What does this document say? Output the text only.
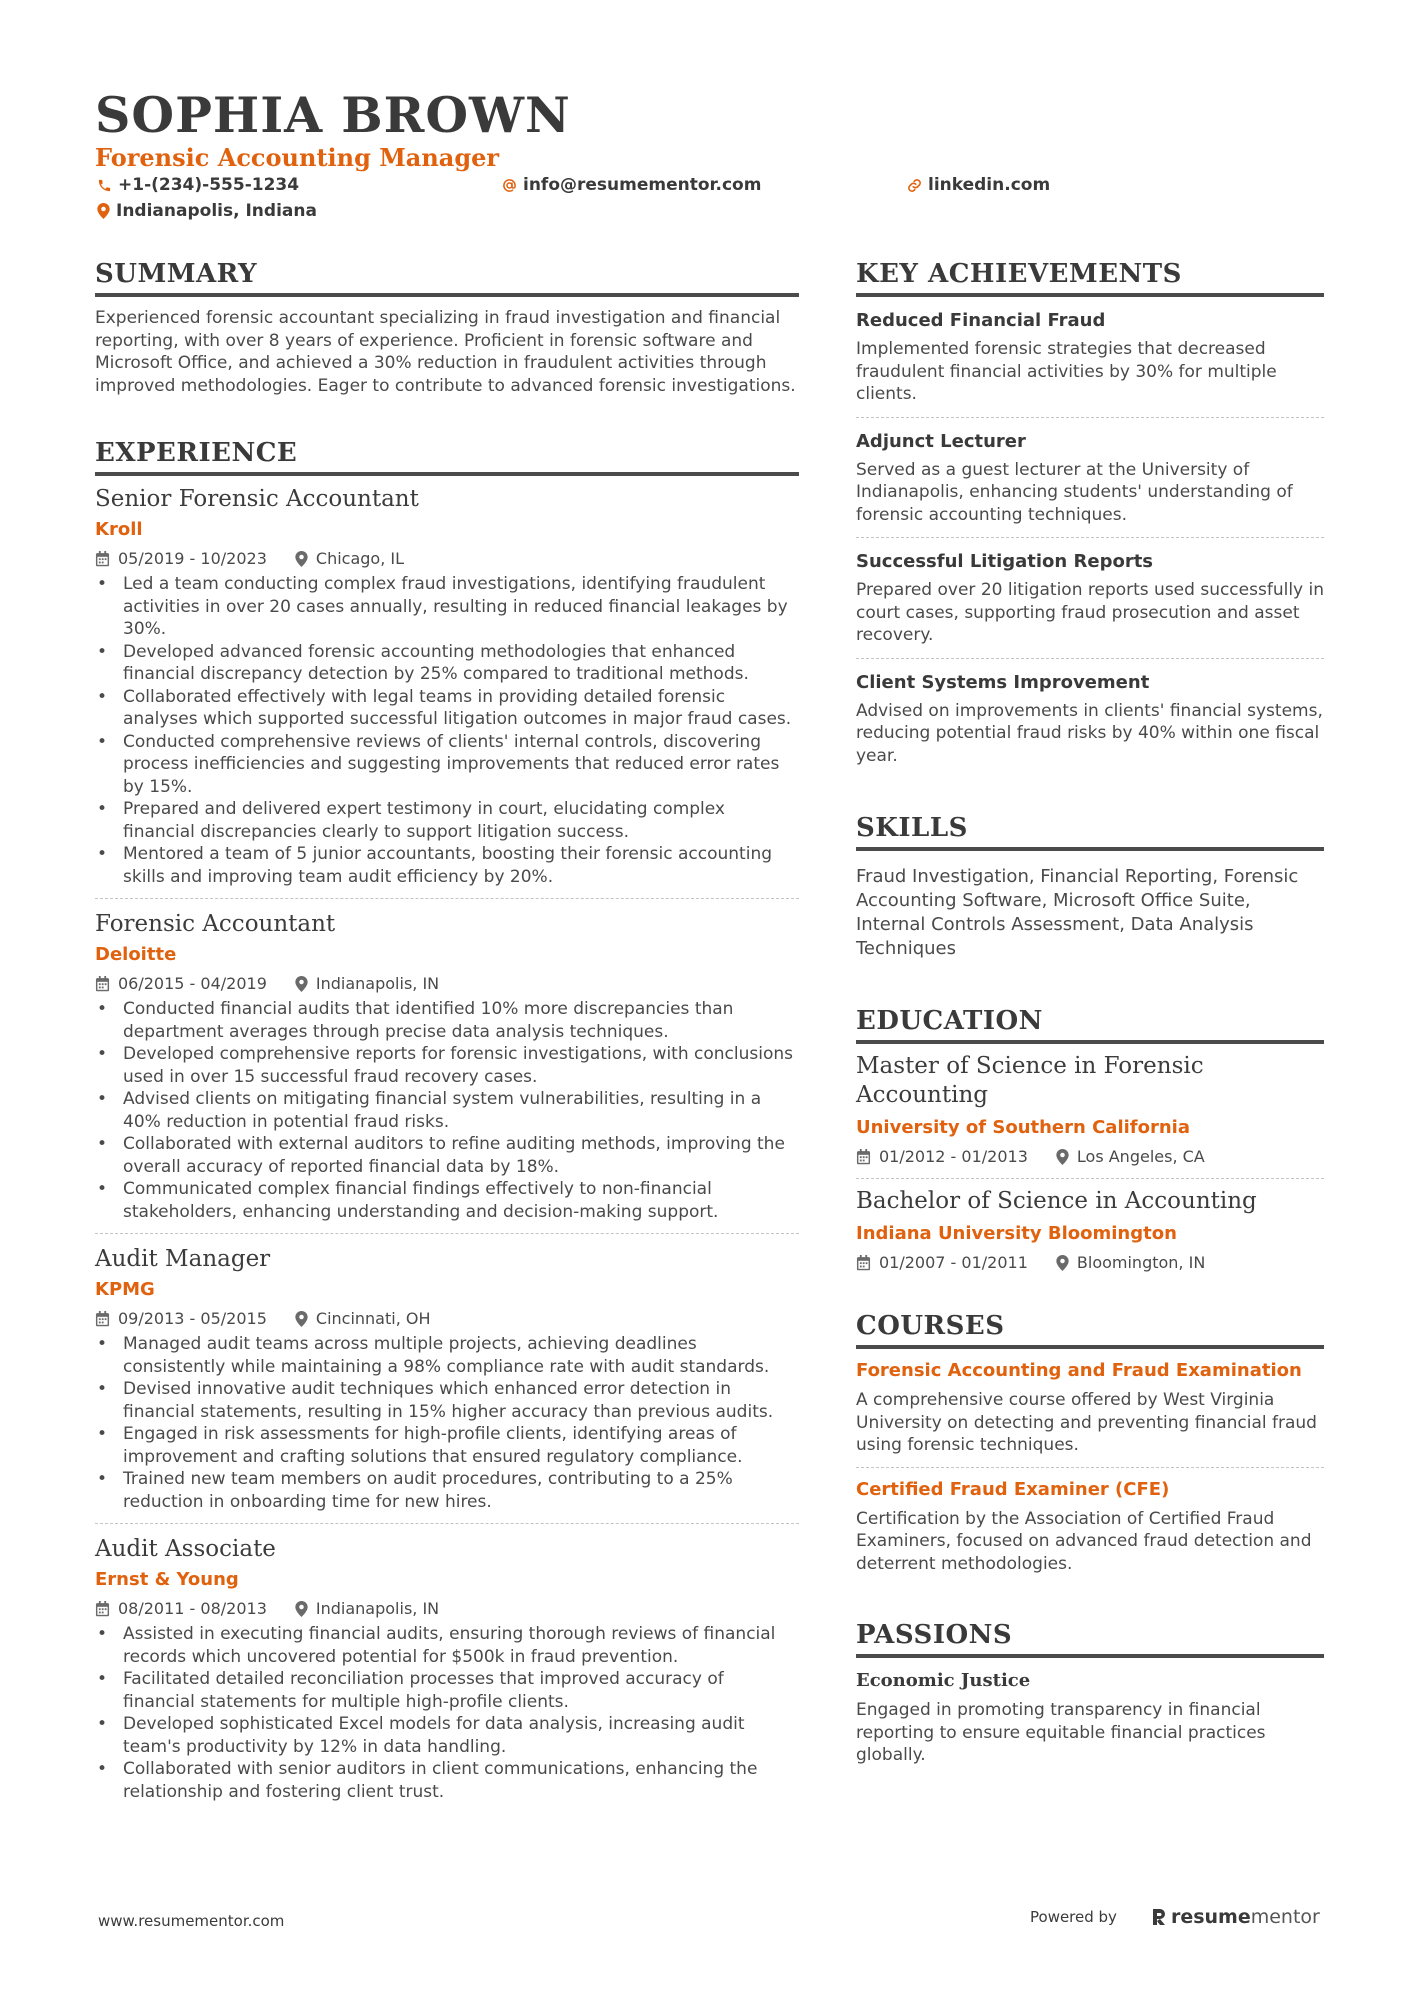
SOPHIA BROWN
Forensic Accounting Manager
+1-(234)-555-1234	info@resumementor.com	linkedin.com
Indianapolis, Indiana
SUMMARY
Experienced forensic accountant specializing in fraud investigation and financial reporting, with over 8 years of experience. Proficient in forensic software and Microsoft Office, and achieved a 30% reduction in fraudulent activities through improved methodologies. Eager to contribute to advanced forensic investigations.
EXPERIENCE
Senior Forensic Accountant
Kroll
05/2019 - 10/2023	Chicago, IL
• Led a team conducting complex fraud investigations, identifying fraudulent activities in over 20 cases annually, resulting in reduced financial leakages by 30%.
• Developed advanced forensic accounting methodologies that enhanced financial discrepancy detection by 25% compared to traditional methods.
• Collaborated effectively with legal teams in providing detailed forensic analyses which supported successful litigation outcomes in major fraud cases.
• Conducted comprehensive reviews of clients' internal controls, discovering process inefficiencies and suggesting improvements that reduced error rates by 15%.
• Prepared and delivered expert testimony in court, elucidating complex financial discrepancies clearly to support litigation success.
• Mentored a team of 5 junior accountants, boosting their forensic accounting skills and improving team audit efficiency by 20%.
Forensic Accountant
Deloitte
06/2015 - 04/2019	Indianapolis, IN
• Conducted financial audits that identified 10% more discrepancies than department averages through precise data analysis techniques.
• Developed comprehensive reports for forensic investigations, with conclusions used in over 15 successful fraud recovery cases.
• Advised clients on mitigating financial system vulnerabilities, resulting in a 40% reduction in potential fraud risks.
• Collaborated with external auditors to refine auditing methods, improving the overall accuracy of reported financial data by 18%.
• Communicated complex financial findings effectively to non-financial stakeholders, enhancing understanding and decision-making support.
Audit Manager
KPMG
09/2013 - 05/2015	Cincinnati, OH
• Managed audit teams across multiple projects, achieving deadlines consistently while maintaining a 98% compliance rate with audit standards.
• Devised innovative audit techniques which enhanced error detection in financial statements, resulting in 15% higher accuracy than previous audits.
• Engaged in risk assessments for high-profile clients, identifying areas of improvement and crafting solutions that ensured regulatory compliance.
• Trained new team members on audit procedures, contributing to a 25% reduction in onboarding time for new hires.
Audit Associate
Ernst & Young
08/2011 - 08/2013	Indianapolis, IN
• Assisted in executing financial audits, ensuring thorough reviews of financial records which uncovered potential for $500k in fraud prevention.
• Facilitated detailed reconciliation processes that improved accuracy of financial statements for multiple high-profile clients.
• Developed sophisticated Excel models for data analysis, increasing audit team's productivity by 12% in data handling.
• Collaborated with senior auditors in client communications, enhancing the relationship and fostering client trust.
KEY ACHIEVEMENTS
Reduced Financial Fraud
Implemented forensic strategies that decreased fraudulent financial activities by 30% for multiple clients.
Adjunct Lecturer
Served as a guest lecturer at the University of Indianapolis, enhancing students' understanding of forensic accounting techniques.
Successful Litigation Reports
Prepared over 20 litigation reports used successfully in court cases, supporting fraud prosecution and asset recovery.
Client Systems Improvement
Advised on improvements in clients' financial systems, reducing potential fraud risks by 40% within one fiscal year.
SKILLS
Fraud Investigation, Financial Reporting, Forensic Accounting Software, Microsoft Office Suite, Internal Controls Assessment, Data Analysis Techniques
EDUCATION
Master of Science in Forensic Accounting
University of Southern California
01/2012 - 01/2013	Los Angeles, CA
Bachelor of Science in Accounting
Indiana University Bloomington
01/2007 - 01/2011	Bloomington, IN
COURSES
Forensic Accounting and Fraud Examination
A comprehensive course offered by West Virginia University on detecting and preventing financial fraud using forensic techniques.
Certified Fraud Examiner (CFE)
Certification by the Association of Certified Fraud Examiners, focused on advanced fraud detection and deterrent methodologies.
PASSIONS
Economic Justice
Engaged in promoting transparency in financial reporting to ensure equitable financial practices globally.
www.resumementor.com	Powered by	resume mentor
